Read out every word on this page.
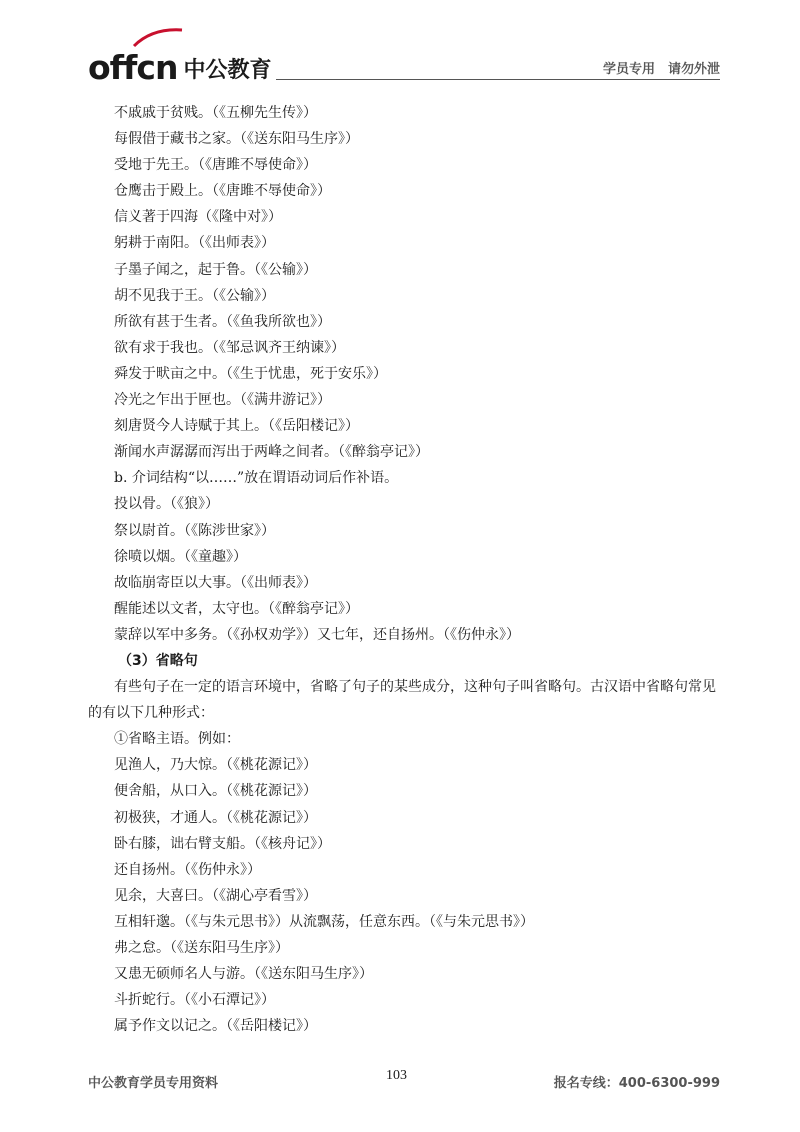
offcn 中公教育	学员专用　请勿外泄

不戚戚于贫贱。（《五柳先生传》）

每假借于藏书之家。（《送东阳马生序》）

受地于先王。（《唐雎不辱使命》）

仓鹰击于殿上。（《唐雎不辱使命》）

信义著于四海（《隆中对》）

躬耕于南阳。（《出师表》）

子墨子闻之，起于鲁。（《公输》）

胡不见我于王。（《公输》）

所欲有甚于生者。（《鱼我所欲也》）

欲有求于我也。（《邹忌讽齐王纳谏》）

舜发于畎亩之中。（《生于忧患，死于安乐》）

冷光之乍出于匣也。（《满井游记》）

刻唐贤今人诗赋于其上。（《岳阳楼记》）

渐闻水声潺潺而泻出于两峰之间者。（《醉翁亭记》）

b. 介词结构“以……”放在谓语动词后作补语。

投以骨。（《狼》）

祭以尉首。（《陈涉世家》）

徐喷以烟。（《童趣》）

故临崩寄臣以大事。（《出师表》）

醒能述以文者，太守也。（《醉翁亭记》）

蒙辞以军中多务。（《孙权劝学》）又七年，还自扬州。（《伤仲永》）

（3）省略句

有些句子在一定的语言环境中，省略了句子的某些成分，这种句子叫省略句。古汉语中省略句常见的有以下几种形式：

①省略主语。例如：

见渔人，乃大惊。（《桃花源记》）

便舍船，从口入。（《桃花源记》）

初极狭，才通人。（《桃花源记》）

卧右膝，诎右臂支船。（《核舟记》）

还自扬州。（《伤仲永》）

见余，大喜曰。（《湖心亭看雪》）

互相轩邈。（《与朱元思书》）从流飘荡，任意东西。（《与朱元思书》）

弗之怠。（《送东阳马生序》）

又患无硕师名人与游。（《送东阳马生序》）

斗折蛇行。（《小石潭记》）

属予作文以记之。（《岳阳楼记》）

中公教育学员专用资料
103
报名专线：400-6300-999
